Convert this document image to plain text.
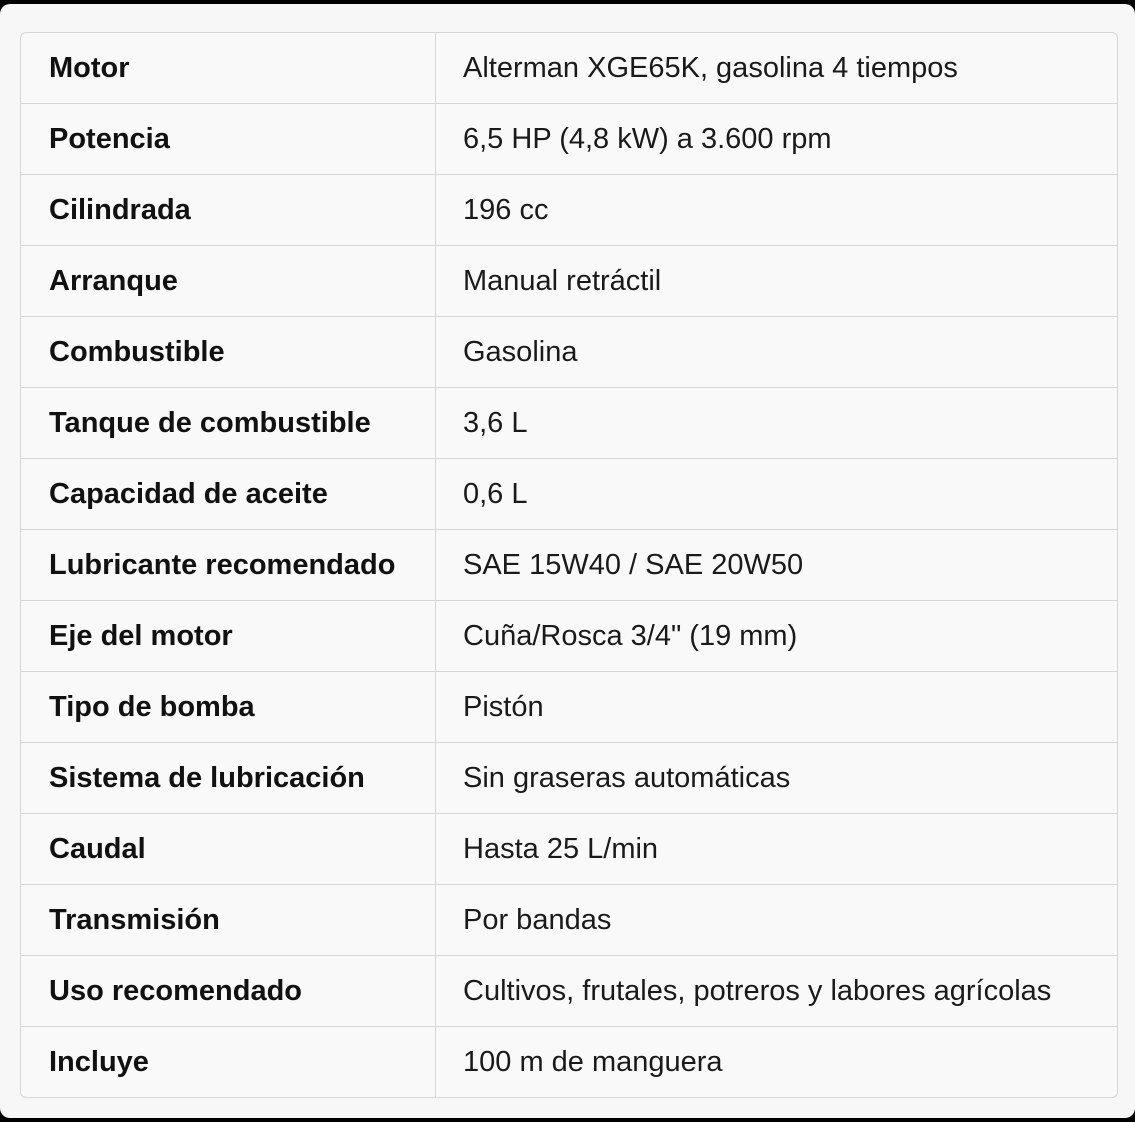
Motor	Alterman XGE65K, gasolina 4 tiempos
Potencia	6,5 HP (4,8 kW) a 3.600 rpm
Cilindrada	196 cc
Arranque	Manual retráctil
Combustible	Gasolina
Tanque de combustible	3,6 L
Capacidad de aceite	0,6 L
Lubricante recomendado	SAE 15W40 / SAE 20W50
Eje del motor	Cuña/Rosca 3/4" (19 mm)
Tipo de bomba	Pistón
Sistema de lubricación	Sin graseras automáticas
Caudal	Hasta 25 L/min
Transmisión	Por bandas
Uso recomendado	Cultivos, frutales, potreros y labores agrícolas
Incluye	100 m de manguera
